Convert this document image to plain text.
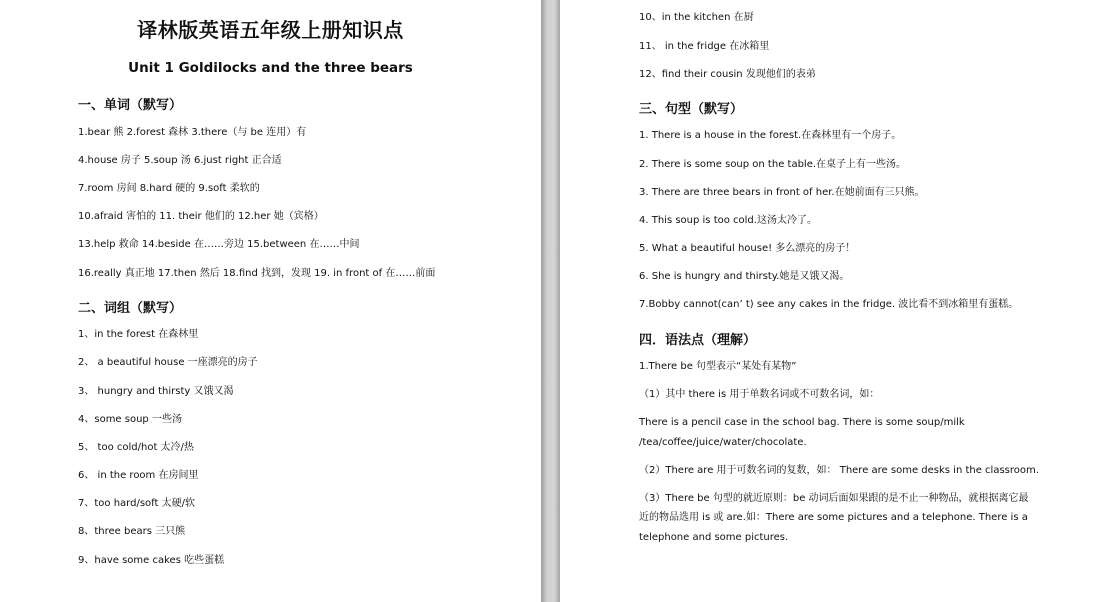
译林版英语五年级上册知识点
Unit 1 Goldilocks and the three bears
一、单词（默写）
1.bear 熊 2.forest 森林 3.there（与 be 连用）有
4.house 房子 5.soup 汤 6.just right 正合适
7.room 房间 8.hard 硬的 9.soft 柔软的
10.afraid 害怕的 11. their 他们的 12.her 她（宾格）
13.help 救命 14.beside 在……旁边 15.between 在……中间
16.really 真正地 17.then 然后 18.find 找到，发现 19. in front of 在……前面
二、词组（默写）
1、in the forest 在森林里
2、 a beautiful house 一座漂亮的房子
3、 hungry and thirsty 又饿又渴
4、some soup 一些汤
5、 too cold/hot 太冷/热
6、 in the room 在房间里
7、too hard/soft 太硬/软
8、three bears 三只熊
9、have some cakes 吃些蛋糕
10、in the kitchen 在厨
11、 in the fridge 在冰箱里
12、find their cousin 发现他们的表弟
三、句型（默写）
1. There is a house in the forest.在森林里有一个房子。
2. There is some soup on the table.在桌子上有一些汤。
3. There are three bears in front of her.在她前面有三只熊。
4. This soup is too cold.这汤太冷了。
5. What a beautiful house! 多么漂亮的房子！
6. She is hungry and thirsty.她是又饿又渴。
7.Bobby cannot(can’ t) see any cakes in the fridge. 波比看不到冰箱里有蛋糕。
四．语法点（理解）
1.There be 句型表示“某处有某物”
（1）其中 there is 用于单数名词或不可数名词，如：
There is a pencil case in the school bag. There is some soup/milk
/tea/coffee/juice/water/chocolate.
（2）There are 用于可数名词的复数，如： There are some desks in the classroom.
（3）There be 句型的就近原则：be 动词后面如果跟的是不止一种物品，就根据离它最
近的物品选用 is 或 are.如：There are some pictures and a telephone. There is a
telephone and some pictures.
